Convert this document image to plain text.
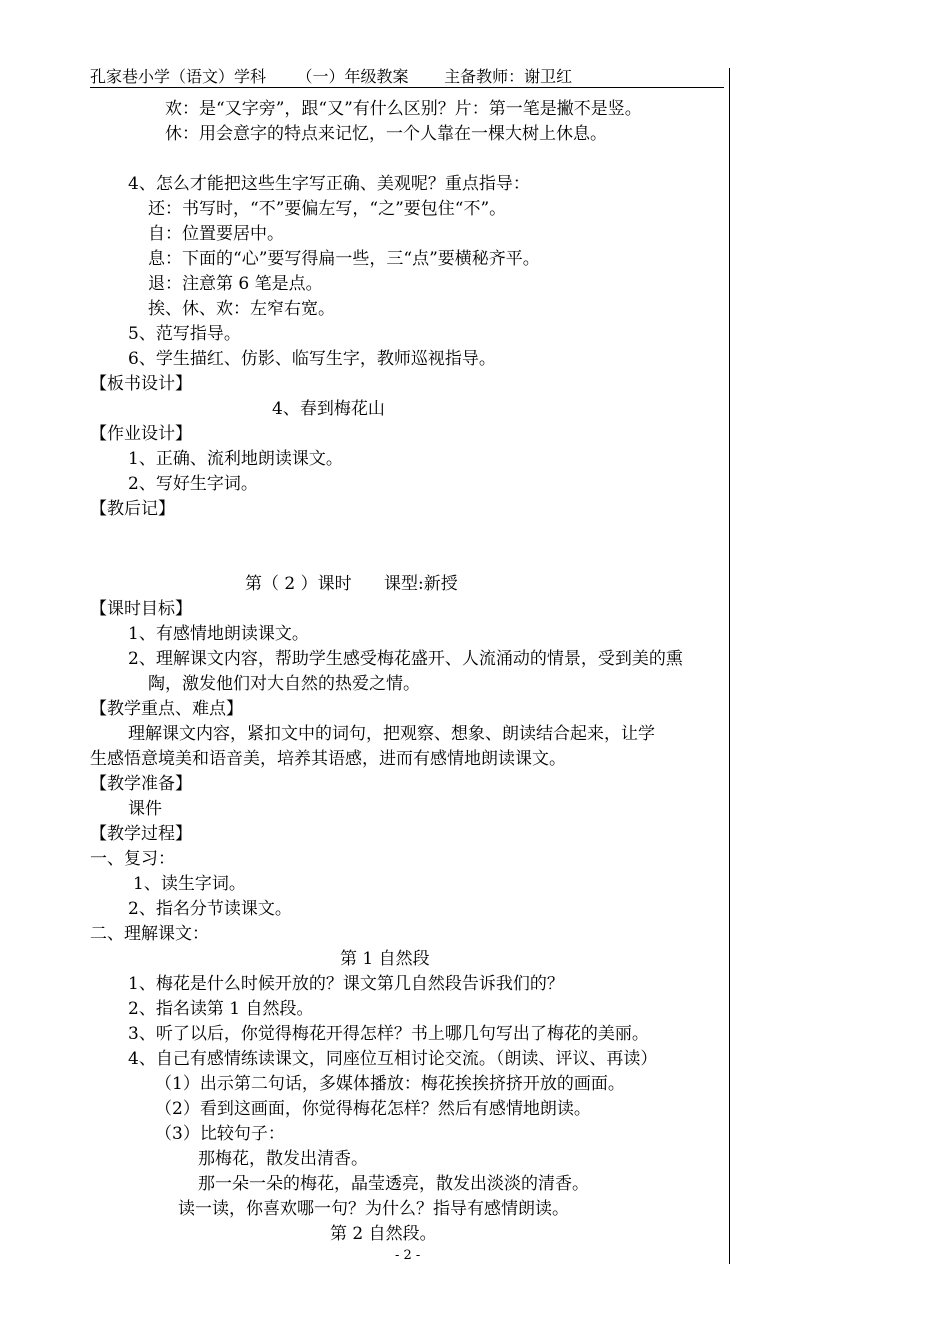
孔家巷小学（语文）学科      （一）年级教案       主备教师：谢卫红
欢：是“又字旁”，跟“又”有什么区别？片：第一笔是撇不是竖。
休：用会意字的特点来记忆，一个人靠在一棵大树上休息。
4、怎么才能把这些生字写正确、美观呢？重点指导：
还：书写时，“不”要偏左写，“之”要包住“不”。
自：位置要居中。
息：下面的“心”要写得扁一些，三“点”要横秘齐平。
退：注意第 6 笔是点。
挨、休、欢：左窄右宽。
5、范写指导。
6、学生描红、仿影、临写生字，教师巡视指导。
【板书设计】
4、春到梅花山
【作业设计】
1、正确、流利地朗读课文。
2、写好生字词。
【教后记】
第（ 2 ）课时      课型:新授
【课时目标】
1、有感情地朗读课文。
2、理解课文内容，帮助学生感受梅花盛开、人流涌动的情景，受到美的熏
陶，激发他们对大自然的热爱之情。
【教学重点、难点】
理解课文内容，紧扣文中的词句，把观察、想象、朗读结合起来，让学
生感悟意境美和语音美，培养其语感，进而有感情地朗读课文。
【教学准备】
课件
【教学过程】
一、复习：
1、读生字词。
2、指名分节读课文。
二、理解课文：
第 1 自然段
1、梅花是什么时候开放的？课文第几自然段告诉我们的？
2、指名读第 1 自然段。
3、听了以后，你觉得梅花开得怎样？书上哪几句写出了梅花的美丽。
4、自己有感情练读课文，同座位互相讨论交流。（朗读、评议、再读）
（1）出示第二句话，多媒体播放：梅花挨挨挤挤开放的画面。
（2）看到这画面，你觉得梅花怎样？然后有感情地朗读。
（3）比较句子：
那梅花，散发出清香。
那一朵一朵的梅花，晶莹透亮，散发出淡淡的清香。
读一读，你喜欢哪一句？为什么？指导有感情朗读。
第 2 自然段。
- 2 -
